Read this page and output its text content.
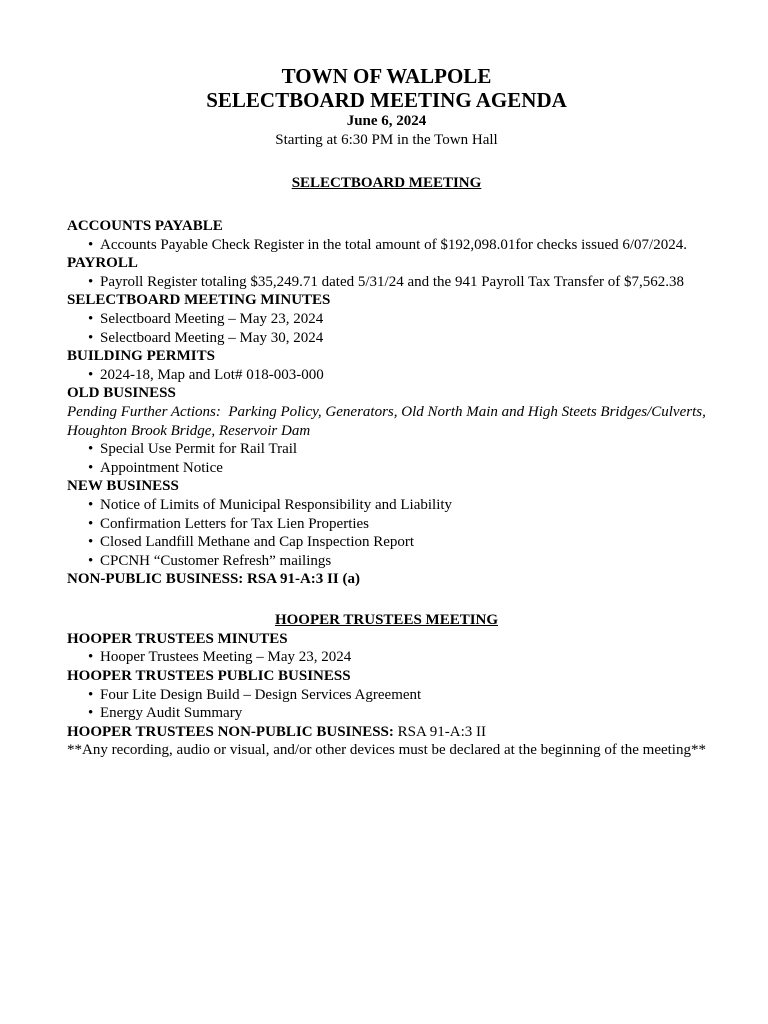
TOWN OF WALPOLE
SELECTBOARD MEETING AGENDA
June 6, 2024
Starting at 6:30 PM in the Town Hall
SELECTBOARD MEETING
ACCOUNTS PAYABLE
• Accounts Payable Check Register in the total amount of $192,098.01for checks issued 6/07/2024.
PAYROLL
• Payroll Register totaling $35,249.71 dated 5/31/24 and the 941 Payroll Tax Transfer of $7,562.38
SELECTBOARD MEETING MINUTES
• Selectboard Meeting – May 23, 2024
• Selectboard Meeting – May 30, 2024
BUILDING PERMITS
• 2024-18, Map and Lot# 018-003-000
OLD BUSINESS
Pending Further Actions:  Parking Policy, Generators, Old North Main and High Steets Bridges/Culverts, Houghton Brook Bridge, Reservoir Dam
• Special Use Permit for Rail Trail
• Appointment Notice
NEW BUSINESS
• Notice of Limits of Municipal Responsibility and Liability
• Confirmation Letters for Tax Lien Properties
• Closed Landfill Methane and Cap Inspection Report
• CPCNH “Customer Refresh” mailings
NON-PUBLIC BUSINESS: RSA 91-A:3 II (a)
HOOPER TRUSTEES MEETING
HOOPER TRUSTEES MINUTES
• Hooper Trustees Meeting – May 23, 2024
HOOPER TRUSTEES PUBLIC BUSINESS
• Four Lite Design Build – Design Services Agreement
• Energy Audit Summary
HOOPER TRUSTEES NON-PUBLIC BUSINESS: RSA 91-A:3 II
**Any recording, audio or visual, and/or other devices must be declared at the beginning of the meeting**
